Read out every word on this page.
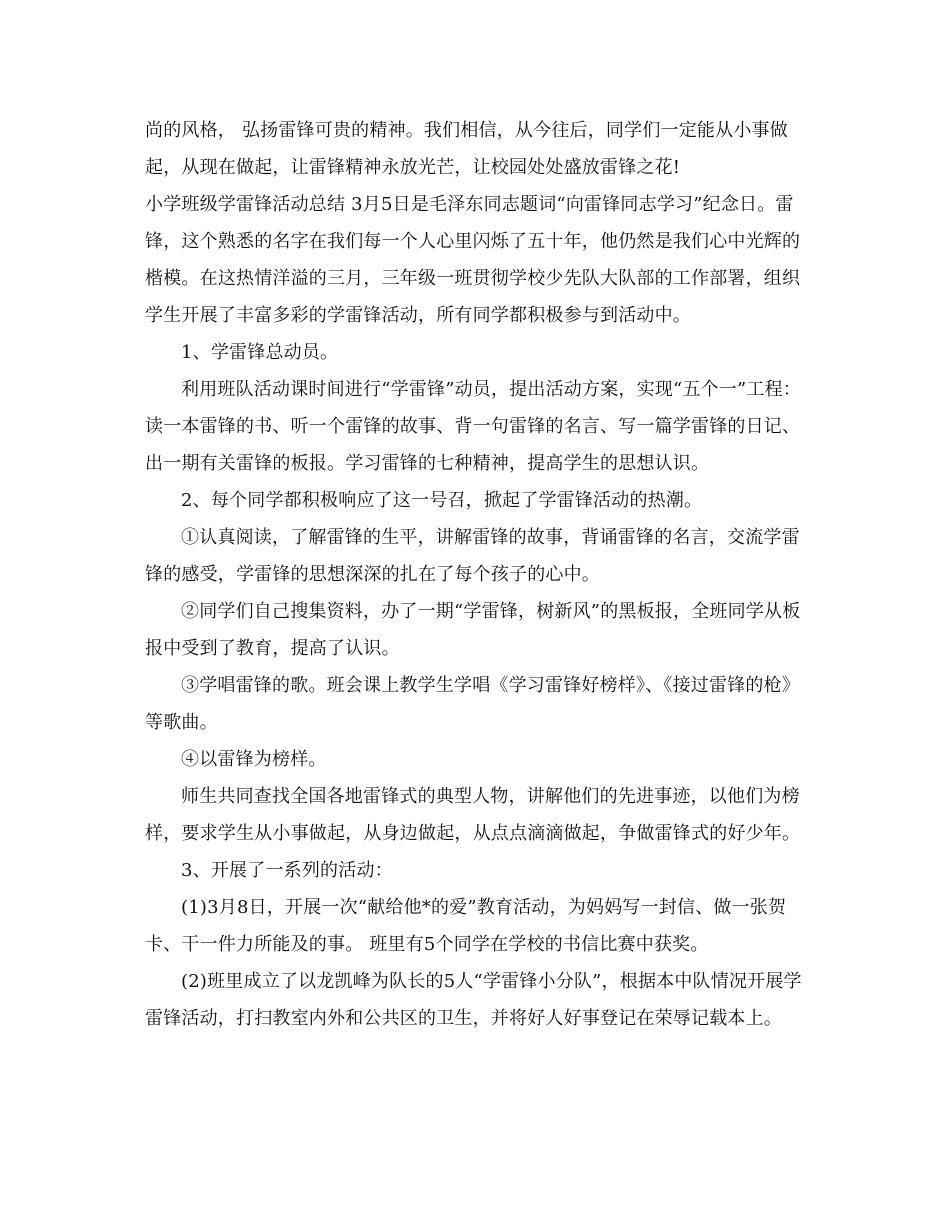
尚的风格， 弘扬雷锋可贵的精神。我们相信，从今往后，同学们一定能从小事做起，从现在做起，让雷锋精神永放光芒，让校园处处盛放雷锋之花!

小学班级学雷锋活动总结 3月5日是毛泽东同志题词“向雷锋同志学习”纪念日。雷锋，这个熟悉的名字在我们每一个人心里闪烁了五十年，他仍然是我们心中光辉的楷模。在这热情洋溢的三月，三年级一班贯彻学校少先队大队部的工作部署，组织学生开展了丰富多彩的学雷锋活动，所有同学都积极参与到活动中。

1、学雷锋总动员。

利用班队活动课时间进行“学雷锋”动员，提出活动方案，实现“五个一”工程：读一本雷锋的书、听一个雷锋的故事、背一句雷锋的名言、写一篇学雷锋的日记、出一期有关雷锋的板报。学习雷锋的七种精神，提高学生的思想认识。

2、每个同学都积极响应了这一号召，掀起了学雷锋活动的热潮。

①认真阅读，了解雷锋的生平，讲解雷锋的故事，背诵雷锋的名言，交流学雷锋的感受，学雷锋的思想深深的扎在了每个孩子的心中。

②同学们自己搜集资料，办了一期“学雷锋，树新风”的黑板报，全班同学从板报中受到了教育，提高了认识。

③学唱雷锋的歌。班会课上教学生学唱《学习雷锋好榜样》、《接过雷锋的枪》等歌曲。

④以雷锋为榜样。

师生共同查找全国各地雷锋式的典型人物，讲解他们的先进事迹，以他们为榜样，要求学生从小事做起，从身边做起，从点点滴滴做起，争做雷锋式的好少年。

3、开展了一系列的活动：

(1)3月8日，开展一次“献给他*的爱”教育活动，为妈妈写一封信、做一张贺卡、干一件力所能及的事。 班里有5个同学在学校的书信比赛中获奖。

(2)班里成立了以龙凯峰为队长的5人“学雷锋小分队”，根据本中队情况开展学雷锋活动，打扫教室内外和公共区的卫生，并将好人好事登记在荣辱记载本上。
